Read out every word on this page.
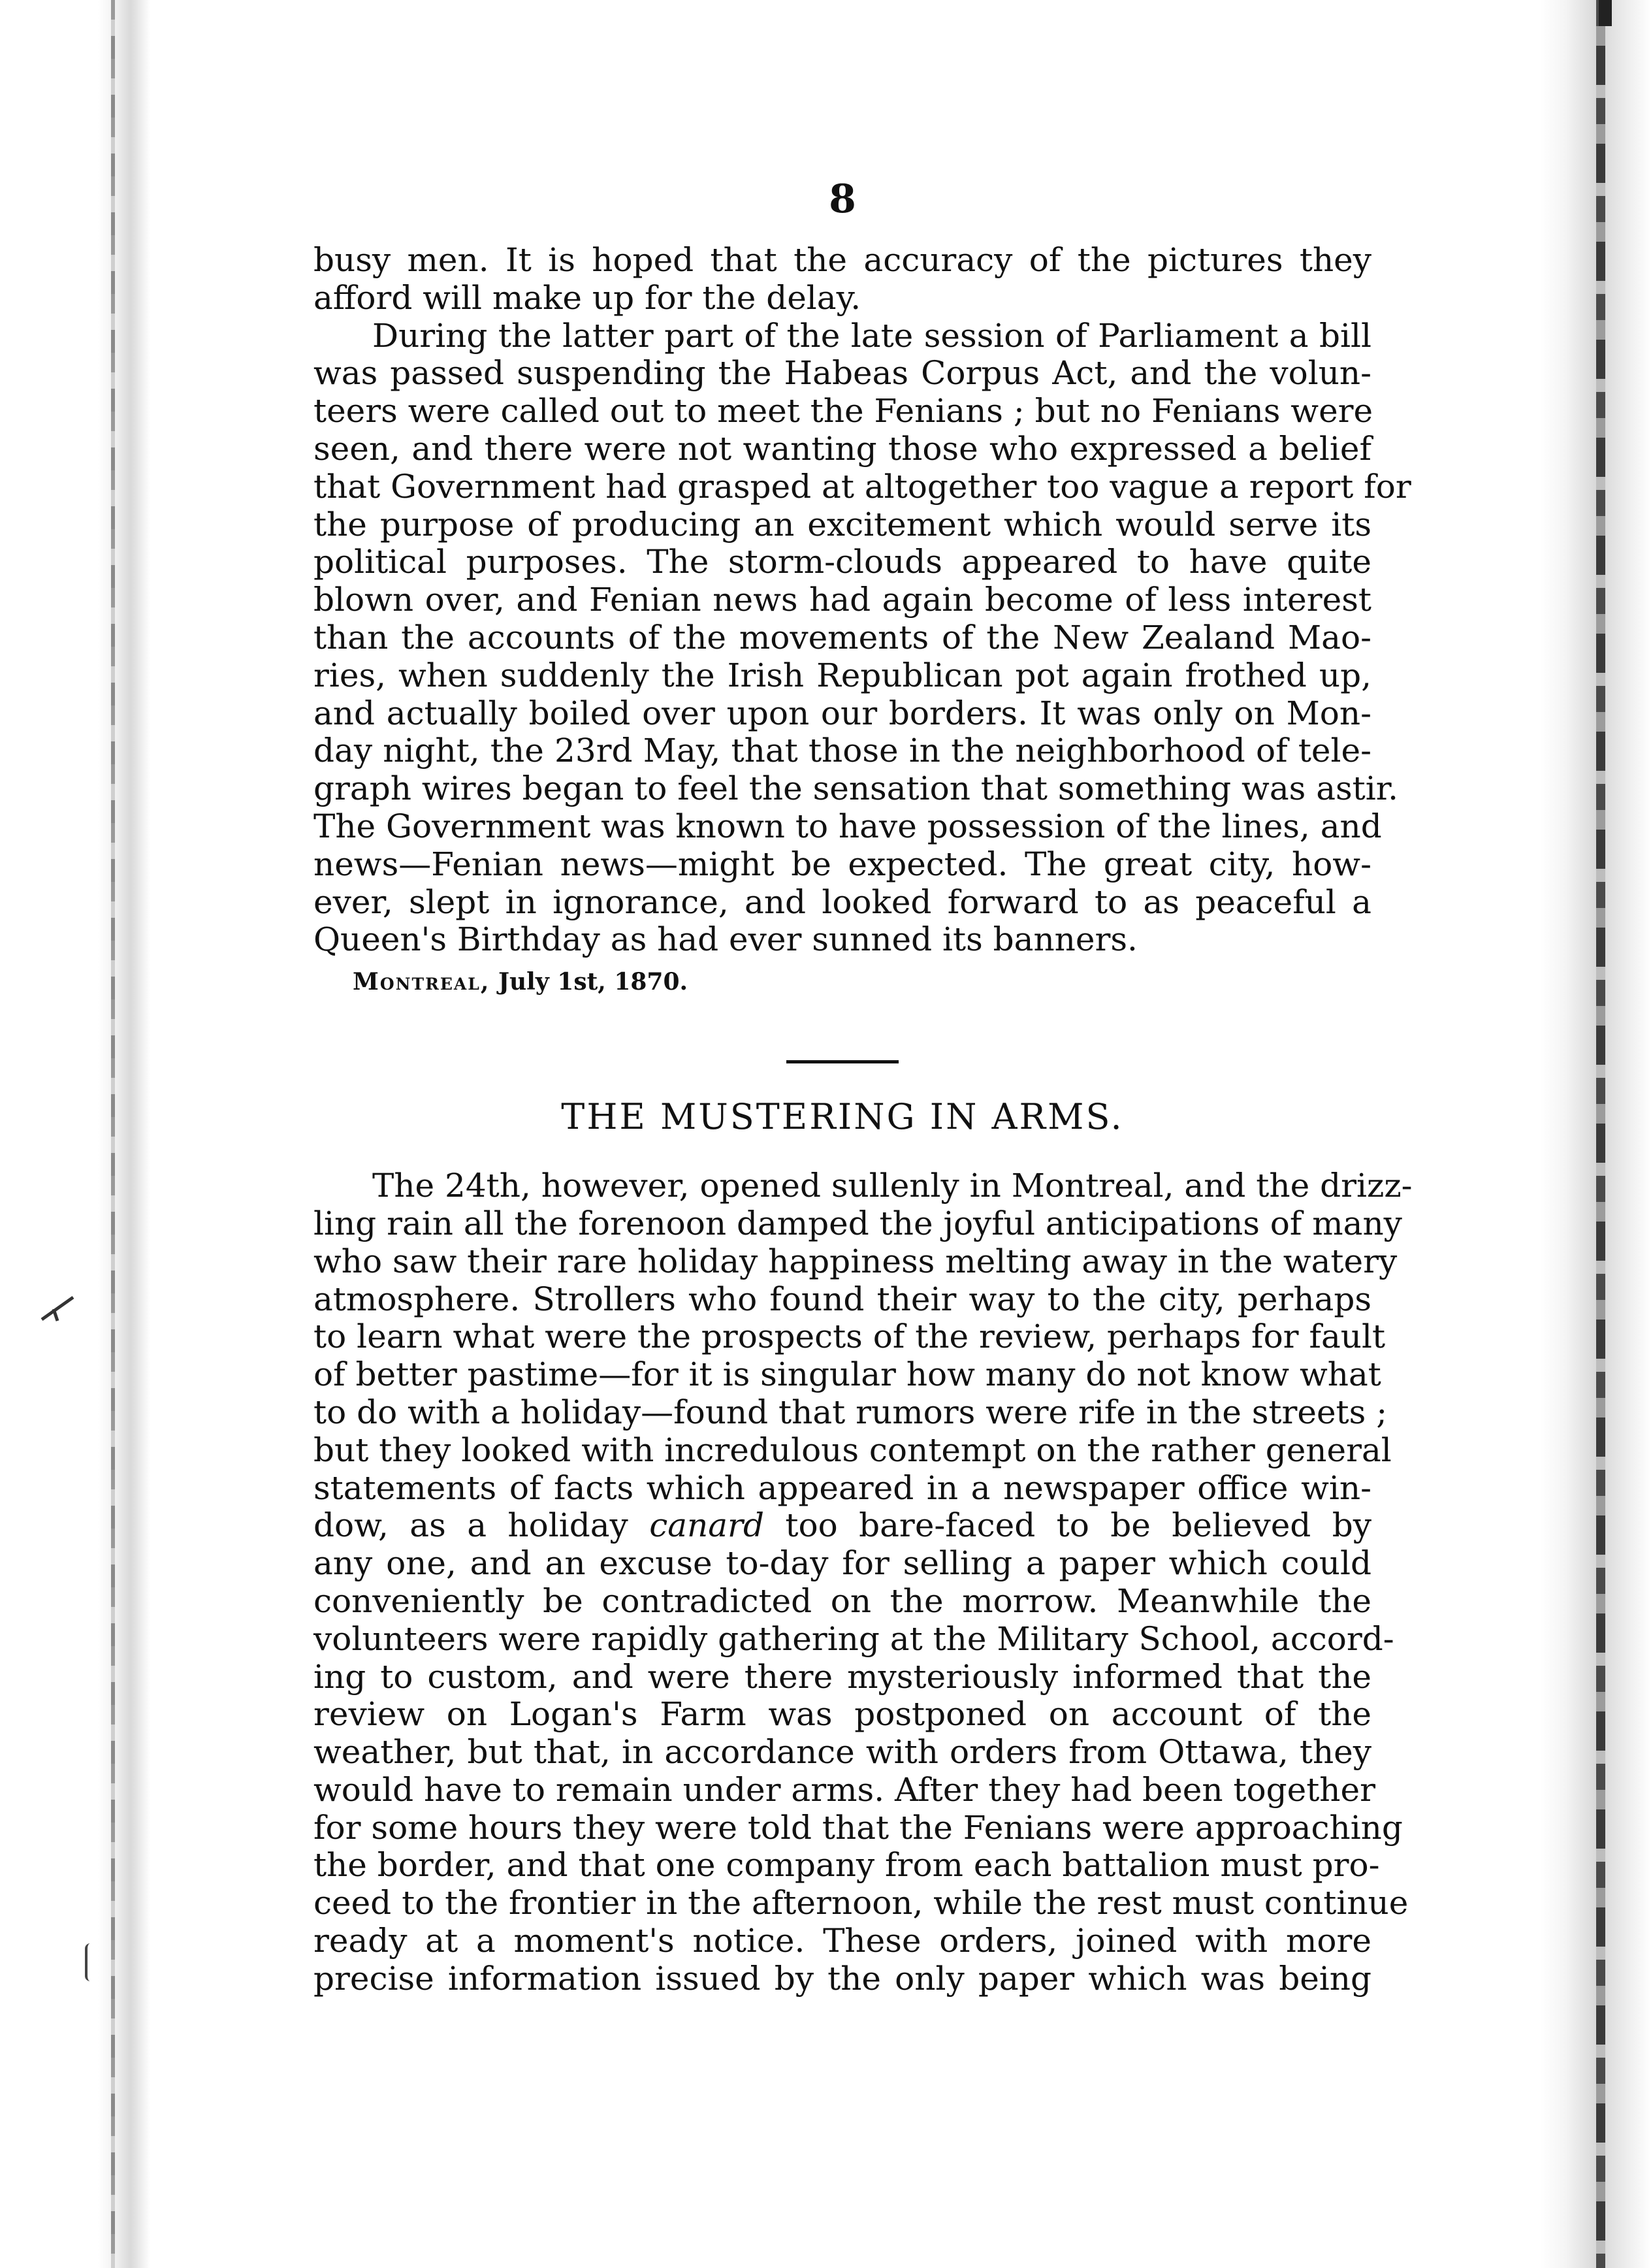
8

busy men. It is hoped that the accuracy of the pictures they
afford will make up for the delay.

During the latter part of the late session of Parliament a bill
was passed suspending the Habeas Corpus Act, and the volun-
teers were called out to meet the Fenians ; but no Fenians were
seen, and there were not wanting those who expressed a belief
that Government had grasped at altogether too vague a report for
the purpose of producing an excitement which would serve its
political purposes. The storm-clouds appeared to have quite
blown over, and Fenian news had again become of less interest
than the accounts of the movements of the New Zealand Mao-
ries, when suddenly the Irish Republican pot again frothed up,
and actually boiled over upon our borders. It was only on Mon-
day night, the 23rd May, that those in the neighborhood of tele-
graph wires began to feel the sensation that something was astir.
The Government was known to have possession of the lines, and
news—Fenian news—might be expected. The great city, how-
ever, slept in ignorance, and looked forward to as peaceful a
Queen's Birthday as had ever sunned its banners.

Montreal, July 1st, 1870.
THE MUSTERING IN ARMS.

The 24th, however, opened sullenly in Montreal, and the drizz-
ling rain all the forenoon damped the joyful anticipations of many
who saw their rare holiday happiness melting away in the watery
atmosphere. Strollers who found their way to the city, perhaps
to learn what were the prospects of the review, perhaps for fault
of better pastime—for it is singular how many do not know what
to do with a holiday—found that rumors were rife in the streets ;
but they looked with incredulous contempt on the rather general
statements of facts which appeared in a newspaper office win-
dow, as a holiday canard too bare-faced to be believed by
any one, and an excuse to-day for selling a paper which could
conveniently be contradicted on the morrow. Meanwhile the
volunteers were rapidly gathering at the Military School, accord-
ing to custom, and were there mysteriously informed that the
review on Logan's Farm was postponed on account of the
weather, but that, in accordance with orders from Ottawa, they
would have to remain under arms. After they had been together
for some hours they were told that the Fenians were approaching
the border, and that one company from each battalion must pro-
ceed to the frontier in the afternoon, while the rest must continue
ready at a moment's notice. These orders, joined with more
precise information issued by the only paper which was being
